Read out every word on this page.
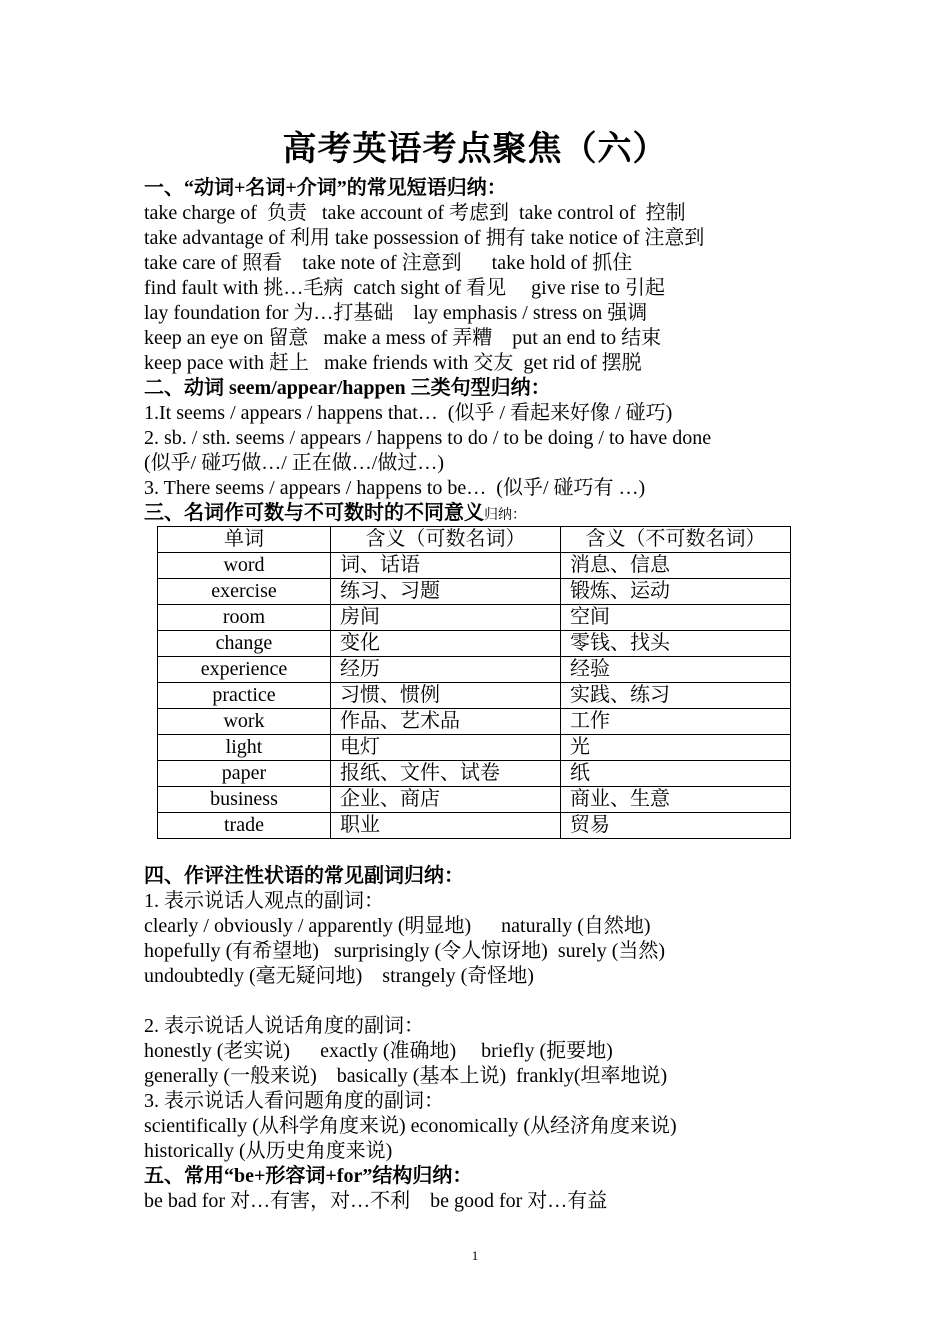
高考英语考点聚焦（六）
一、“动词+名词+介词”的常见短语归纳：
take charge of  负责   take account of 考虑到  take control of  控制
take advantage of 利用 take possession of 拥有 take notice of 注意到
take care of 照看    take note of 注意到      take hold of 抓住
find fault with 挑…毛病  catch sight of 看见     give rise to 引起
lay foundation for 为…打基础    lay emphasis / stress on 强调
keep an eye on 留意   make a mess of 弄糟    put an end to 结束
keep pace with 赶上   make friends with 交友  get rid of 摆脱
二、动词 seem/appear/happen 三类句型归纳：
1.It seems / appears / happens that…  (似乎 / 看起来好像 / 碰巧)
2. sb. / sth. seems / appears / happens to do / to be doing / to have done
(似乎/ 碰巧做…/ 正在做…/做过…)
3. There seems / appears / happens to be…  (似乎/ 碰巧有 …)
三、名词作可数与不可数时的不同意义归纳：
单词	含义（可数名词）	含义（不可数名词）
word	词、话语	消息、信息
exercise	练习、习题	锻炼、运动
room	房间	空间
change	变化	零钱、找头
experience	经历	经验
practice	习惯、惯例	实践、练习
work	作品、艺术品	工作
light	电灯	光
paper	报纸、文件、试卷	纸
business	企业、商店	商业、生意
trade	职业	贸易
四、作评注性状语的常见副词归纳：
1. 表示说话人观点的副词：
clearly / obviously / apparently (明显地)      naturally (自然地)
hopefully (有希望地)   surprisingly (令人惊讶地)  surely (当然)
undoubtedly (毫无疑问地)    strangely (奇怪地)
2. 表示说话人说话角度的副词：
honestly (老实说)      exactly (准确地)     briefly (扼要地)
generally (一般来说)    basically (基本上说)  frankly(坦率地说)
3. 表示说话人看问题角度的副词：
scientifically (从科学角度来说) economically (从经济角度来说)
historically (从历史角度来说)
五、常用“be+形容词+for”结构归纳：
be bad for 对…有害，对…不利    be good for 对…有益
1
